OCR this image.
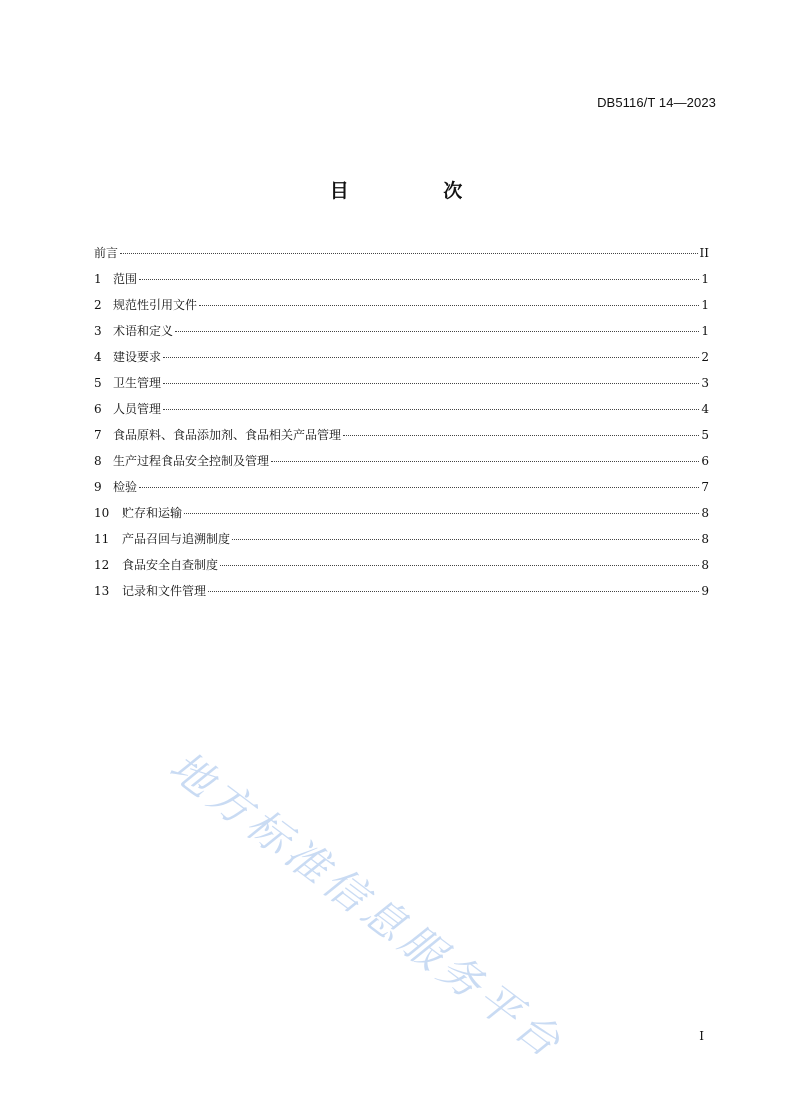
DB5116/T 14—2023
目 次
前言	II
1 范围	1
2 规范性引用文件	1
3 术语和定义	1
4 建设要求	2
5 卫生管理	3
6 人员管理	4
7 食品原料、食品添加剂、食品相关产品管理	5
8 生产过程食品安全控制及管理	6
9 检验	7
10	贮存和运输	8
11	产品召回与追溯制度	8
12	食品安全自查制度	8
13	记录和文件管理	9
地方标准信息服务平台	I
